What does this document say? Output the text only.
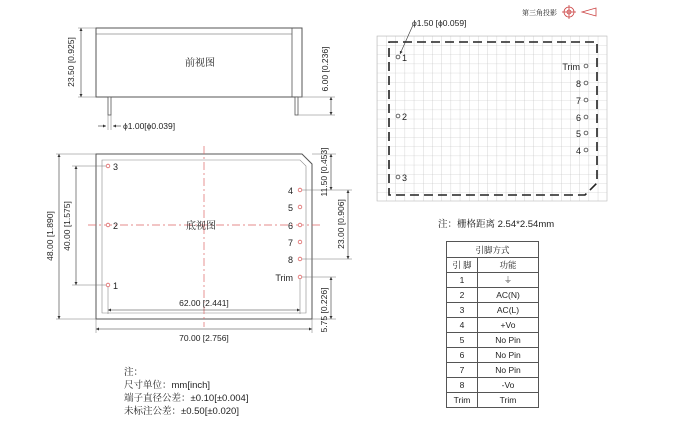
第三角投影
前视图
23.50 [0.925]	6.00 [0.236]
ϕ1.00[ϕ0.039]
底视图
48.00 [1.890] 40.00 [1.575]
62.00 [2.441]
70.00 [2.756]
11.50 [0.453]
23.00 [0.906]
5.75 [0.226]
3
2
1
4
5
6
7
8
Trim
ϕ1.50 [ϕ0.059]
1
2
3
Trim
8
7
6
5
4
注：栅格距离 2.54*2.54mm
引脚方式	
引 脚	功能
1	⏚
2	AC(N)
3	AC(L)
4	+Vo
5	No Pin
6	No Pin
7	No Pin
8	-Vo
Trim	Trim
注：
尺寸单位：mm[inch]
端子直径公差：±0.10[±0.004]
未标注公差：±0.50[±0.020]
